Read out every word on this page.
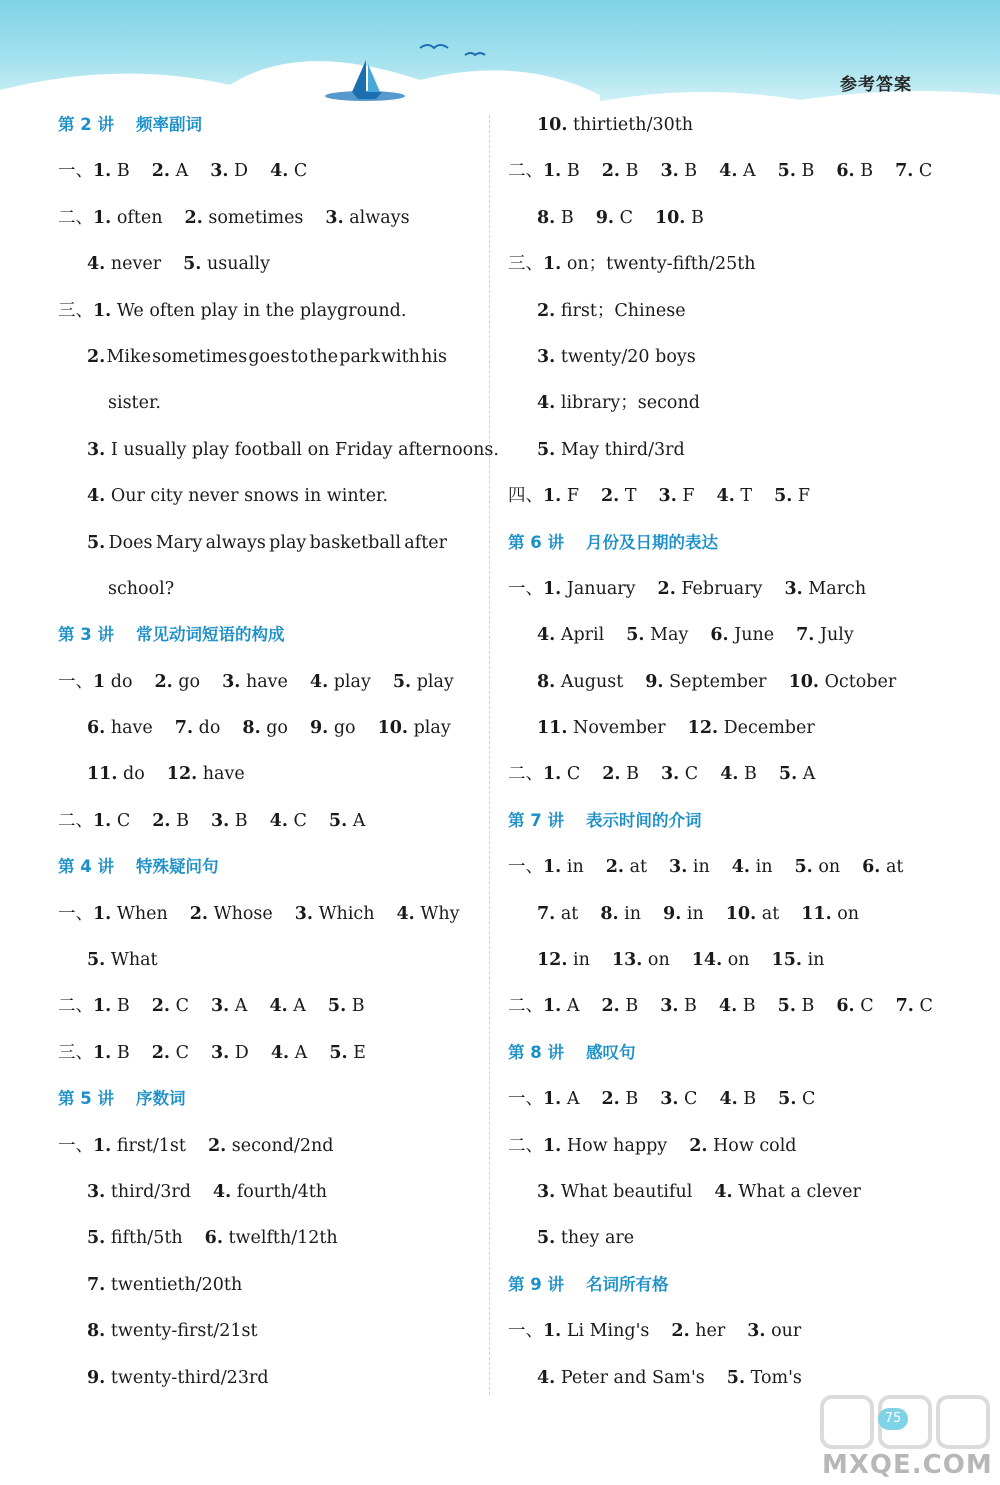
参考答案
第 2 讲 频率副词
一、1. B 2. A 3. D 4. C
二、1. often 2. sometimes 3. always
4. never 5. usually
三、1. We often play in the playground.
2. Mike sometimes goes to the park with his
sister.
3. I usually play football on Friday afternoons.
4. Our city never snows in winter.
5. Does Mary always play basketball after
school?
第 3 讲 常见动词短语的构成
一、1 do 2. go 3. have 4. play 5. play
6. have 7. do 8. go 9. go 10. play
11. do 12. have
二、1. C 2. B 3. B 4. C 5. A
第 4 讲 特殊疑问句
一、1. When 2. Whose 3. Which 4. Why
5. What
二、1. B 2. C 3. A 4. A 5. B
三、1. B 2. C 3. D 4. A 5. E
第 5 讲 序数词
一、1. first/1st 2. second/2nd
3. third/3rd 4. fourth/4th
5. fifth/5th 6. twelfth/12th
7. twentieth/20th
8. twenty-first/21st
9. twenty-third/23rd
10. thirtieth/30th
二、1. B 2. B 3. B 4. A 5. B 6. B 7. C
8. B 9. C 10. B
三、1. on；twenty-fifth/25th
2. first；Chinese
3. twenty/20 boys
4. library；second
5. May third/3rd
四、1. F 2. T 3. F 4. T 5. F
第 6 讲 月份及日期的表达
一、1. January 2. February 3. March
4. April 5. May 6. June 7. July
8. August 9. September 10. October
11. November 12. December
二、1. C 2. B 3. C 4. B 5. A
第 7 讲 表示时间的介词
一、1. in 2. at 3. in 4. in 5. on 6. at
7. at 8. in 9. in 10. at 11. on
12. in 13. on 14. on 15. in
二、1. A 2. B 3. B 4. B 5. B 6. C 7. C
第 8 讲 感叹句
一、1. A 2. B 3. C 4. B 5. C
二、1. How happy 2. How cold
3. What beautiful 4. What a clever
5. they are
第 9 讲 名词所有格
一、1. Li Ming's 2. her 3. our
4. Peter and Sam's 5. Tom's
MXQE.COM
75
